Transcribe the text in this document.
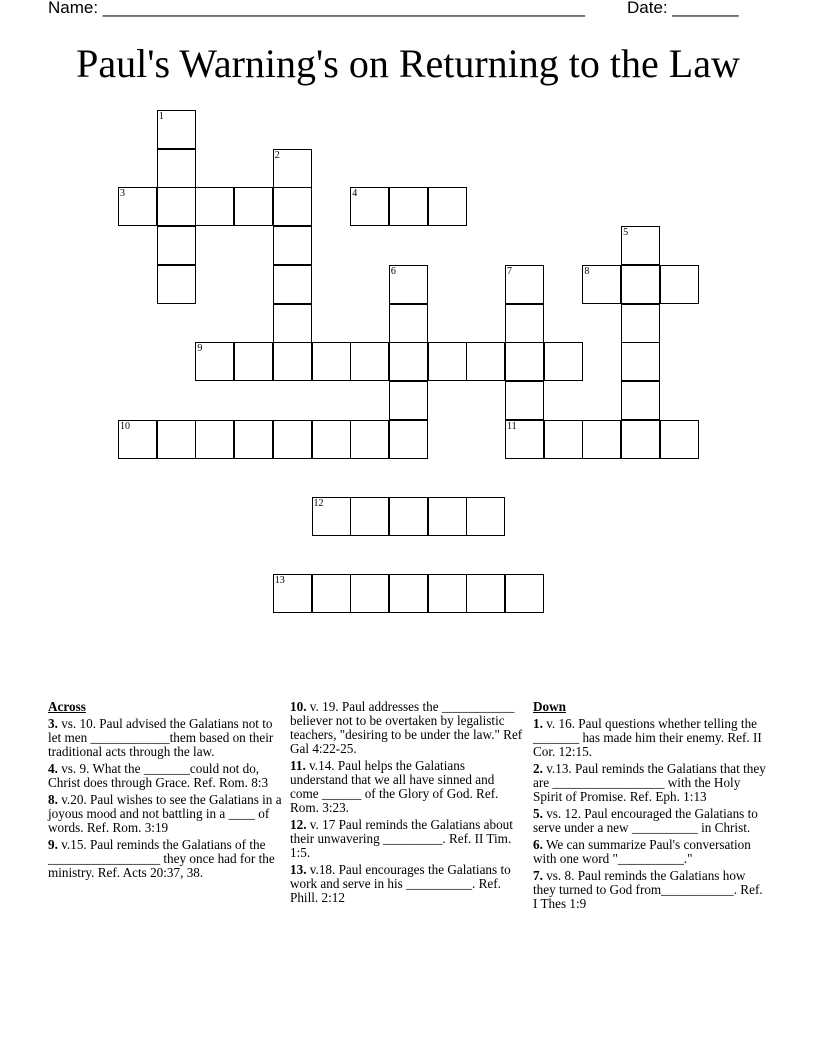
Name: ___________________________________________________ Date: _______
Paul's Warning's on Returning to the Law
1
2
3	4
5
6	7
11
8
9
10
12
13
Across
3. vs. 10. Paul advised the Galatians not to let men ____________them based on their traditional acts through the law.
4. vs. 9. What the _______could not do, Christ does through Grace. Ref. Rom. 8:3
8. v.20. Paul wishes to see the Galatians in a joyous mood and not battling in a ____ of words. Ref. Rom. 3:19
9. v.15. Paul reminds the Galatians of the _________________ they once had for the ministry. Ref. Acts 20:37, 38.
10. v. 19. Paul addresses the ___________ believer not to be overtaken by legalistic teachers, "desiring to be under the law." Ref Gal 4:22-25.
11. v.14. Paul helps the Galatians understand that we all have sinned and come ______ of the Glory of God. Ref. Rom. 3:23.
12. v. 17 Paul reminds the Galatians about their unwavering _________. Ref. II Tim. 1:5.
13. v.18. Paul encourages the Galatians to work and serve in his __________. Ref. Phill. 2:12
Down
1. v. 16. Paul questions whether telling the _______ has made him their enemy. Ref. II Cor. 12:15.
2. v.13. Paul reminds the Galatians that they are _________________ with the Holy Spirit of Promise. Ref. Eph. 1:13
5. vs. 12. Paul encouraged the Galatians to serve under a new __________ in Christ.
6. We can summarize Paul's conversation with one word "__________."
7. vs. 8. Paul reminds the Galatians how they turned to God from___________. Ref. I Thes 1:9
